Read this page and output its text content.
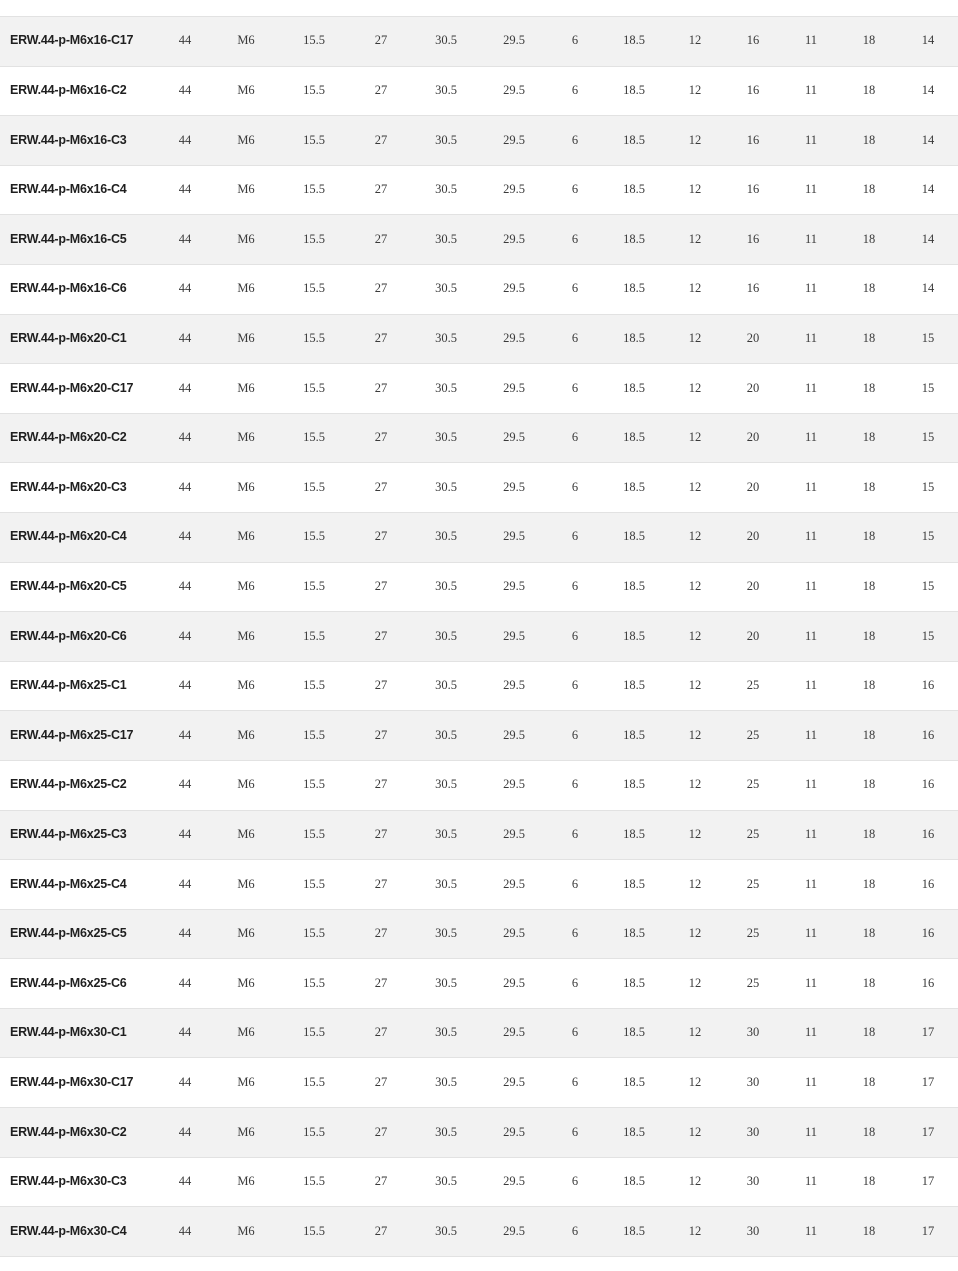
ERW.44-p-M6x16-C17	44	M6	15.5	27	30.5	29.5	6	18.5	12	16	11	18	14
ERW.44-p-M6x16-C2	44	M6	15.5	27	30.5	29.5	6	18.5	12	16	11	18	14
ERW.44-p-M6x16-C3	44	M6	15.5	27	30.5	29.5	6	18.5	12	16	11	18	14
ERW.44-p-M6x16-C4	44	M6	15.5	27	30.5	29.5	6	18.5	12	16	11	18	14
ERW.44-p-M6x16-C5	44	M6	15.5	27	30.5	29.5	6	18.5	12	16	11	18	14
ERW.44-p-M6x16-C6	44	M6	15.5	27	30.5	29.5	6	18.5	12	16	11	18	14
ERW.44-p-M6x20-C1	44	M6	15.5	27	30.5	29.5	6	18.5	12	20	11	18	15
ERW.44-p-M6x20-C17	44	M6	15.5	27	30.5	29.5	6	18.5	12	20	11	18	15
ERW.44-p-M6x20-C2	44	M6	15.5	27	30.5	29.5	6	18.5	12	20	11	18	15
ERW.44-p-M6x20-C3	44	M6	15.5	27	30.5	29.5	6	18.5	12	20	11	18	15
ERW.44-p-M6x20-C4	44	M6	15.5	27	30.5	29.5	6	18.5	12	20	11	18	15
ERW.44-p-M6x20-C5	44	M6	15.5	27	30.5	29.5	6	18.5	12	20	11	18	15
ERW.44-p-M6x20-C6	44	M6	15.5	27	30.5	29.5	6	18.5	12	20	11	18	15
ERW.44-p-M6x25-C1	44	M6	15.5	27	30.5	29.5	6	18.5	12	25	11	18	16
ERW.44-p-M6x25-C17	44	M6	15.5	27	30.5	29.5	6	18.5	12	25	11	18	16
ERW.44-p-M6x25-C2	44	M6	15.5	27	30.5	29.5	6	18.5	12	25	11	18	16
ERW.44-p-M6x25-C3	44	M6	15.5	27	30.5	29.5	6	18.5	12	25	11	18	16
ERW.44-p-M6x25-C4	44	M6	15.5	27	30.5	29.5	6	18.5	12	25	11	18	16
ERW.44-p-M6x25-C5	44	M6	15.5	27	30.5	29.5	6	18.5	12	25	11	18	16
ERW.44-p-M6x25-C6	44	M6	15.5	27	30.5	29.5	6	18.5	12	25	11	18	16
ERW.44-p-M6x30-C1	44	M6	15.5	27	30.5	29.5	6	18.5	12	30	11	18	17
ERW.44-p-M6x30-C17	44	M6	15.5	27	30.5	29.5	6	18.5	12	30	11	18	17
ERW.44-p-M6x30-C2	44	M6	15.5	27	30.5	29.5	6	18.5	12	30	11	18	17
ERW.44-p-M6x30-C3	44	M6	15.5	27	30.5	29.5	6	18.5	12	30	11	18	17
ERW.44-p-M6x30-C4	44	M6	15.5	27	30.5	29.5	6	18.5	12	30	11	18	17
